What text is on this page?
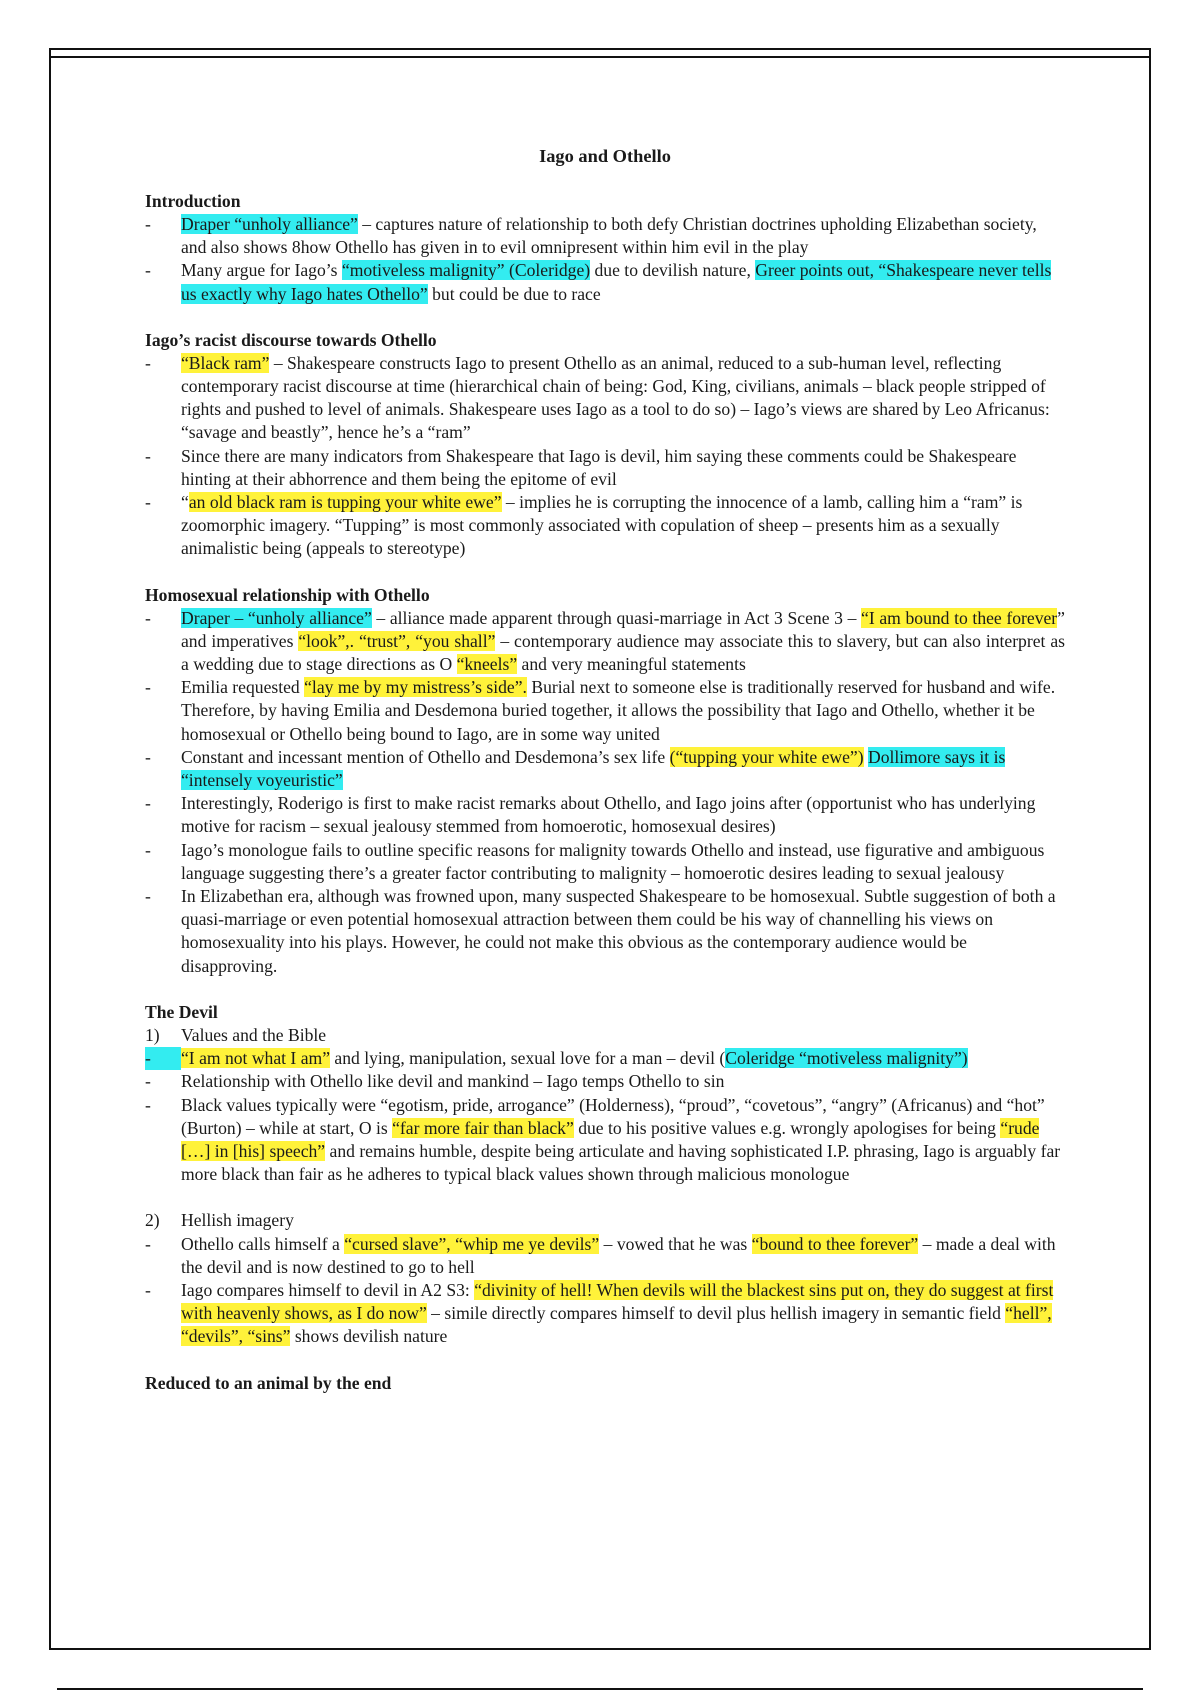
Iago and Othello
Introduction
-	Draper “unholy alliance” – captures nature of relationship to both defy Christian doctrines upholding Elizabethan society, and also shows 8how Othello has given in to evil omnipresent within him evil in the play
-	Many argue for Iago’s “motiveless malignity” (Coleridge) due to devilish nature, Greer points out, “Shakespeare never tells us exactly why Iago hates Othello” but could be due to race
Iago’s racist discourse towards Othello
-	“Black ram” – Shakespeare constructs Iago to present Othello as an animal, reduced to a sub-human level, reflecting contemporary racist discourse at time (hierarchical chain of being: God, King, civilians, animals – black people stripped of rights and pushed to level of animals. Shakespeare uses Iago as a tool to do so) – Iago’s views are shared by Leo Africanus: “savage and beastly”, hence he’s a “ram”
-	Since there are many indicators from Shakespeare that Iago is devil, him saying these comments could be Shakespeare hinting at their abhorrence and them being the epitome of evil
-	“an old black ram is tupping your white ewe” – implies he is corrupting the innocence of a lamb, calling him a “ram” is zoomorphic imagery. “Tupping” is most commonly associated with copulation of sheep – presents him as a sexually animalistic being (appeals to stereotype)
Homosexual relationship with Othello
-	Draper – “unholy alliance” – alliance made apparent through quasi-marriage in Act 3 Scene 3 – “I am bound to thee forever” and imperatives “look”,. “trust”, “you shall” – contemporary audience may associate this to slavery, but can also interpret as a wedding due to stage directions as O “kneels” and very meaningful statements
-	Emilia requested “lay me by my mistress’s side”. Burial next to someone else is traditionally reserved for husband and wife. Therefore, by having Emilia and Desdemona buried together, it allows the possibility that Iago and Othello, whether it be homosexual or Othello being bound to Iago, are in some way united
-	Constant and incessant mention of Othello and Desdemona’s sex life (“tupping your white ewe”) Dollimore says it is “intensely voyeuristic”
-	Interestingly, Roderigo is first to make racist remarks about Othello, and Iago joins after (opportunist who has underlying motive for racism – sexual jealousy stemmed from homoerotic, homosexual desires)
-	Iago’s monologue fails to outline specific reasons for malignity towards Othello and instead, use figurative and ambiguous language suggesting there’s a greater factor contributing to malignity – homoerotic desires leading to sexual jealousy
-	In Elizabethan era, although was frowned upon, many suspected Shakespeare to be homosexual. Subtle suggestion of both a quasi-marriage or even potential homosexual attraction between them could be his way of channelling his views on homosexuality into his plays. However, he could not make this obvious as the contemporary audience would be disapproving.
The Devil
1)	Values and the Bible
-	“I am not what I am” and lying, manipulation, sexual love for a man – devil (Coleridge “motiveless malignity”)
-	Relationship with Othello like devil and mankind – Iago temps Othello to sin
-	Black values typically were “egotism, pride, arrogance” (Holderness), “proud”, “covetous”, “angry” (Africanus) and “hot” (Burton) – while at start, O is “far more fair than black” due to his positive values e.g. wrongly apologises for being “rude […] in [his] speech” and remains humble, despite being articulate and having sophisticated I.P. phrasing, Iago is arguably far more black than fair as he adheres to typical black values shown through malicious monologue
2)	Hellish imagery
-	Othello calls himself a “cursed slave”, “whip me ye devils” – vowed that he was “bound to thee forever” – made a deal with the devil and is now destined to go to hell
-	Iago compares himself to devil in A2 S3: “divinity of hell! When devils will the blackest sins put on, they do suggest at first with heavenly shows, as I do now” – simile directly compares himself to devil plus hellish imagery in semantic field “hell”, “devils”, “sins” shows devilish nature
Reduced to an animal by the end
